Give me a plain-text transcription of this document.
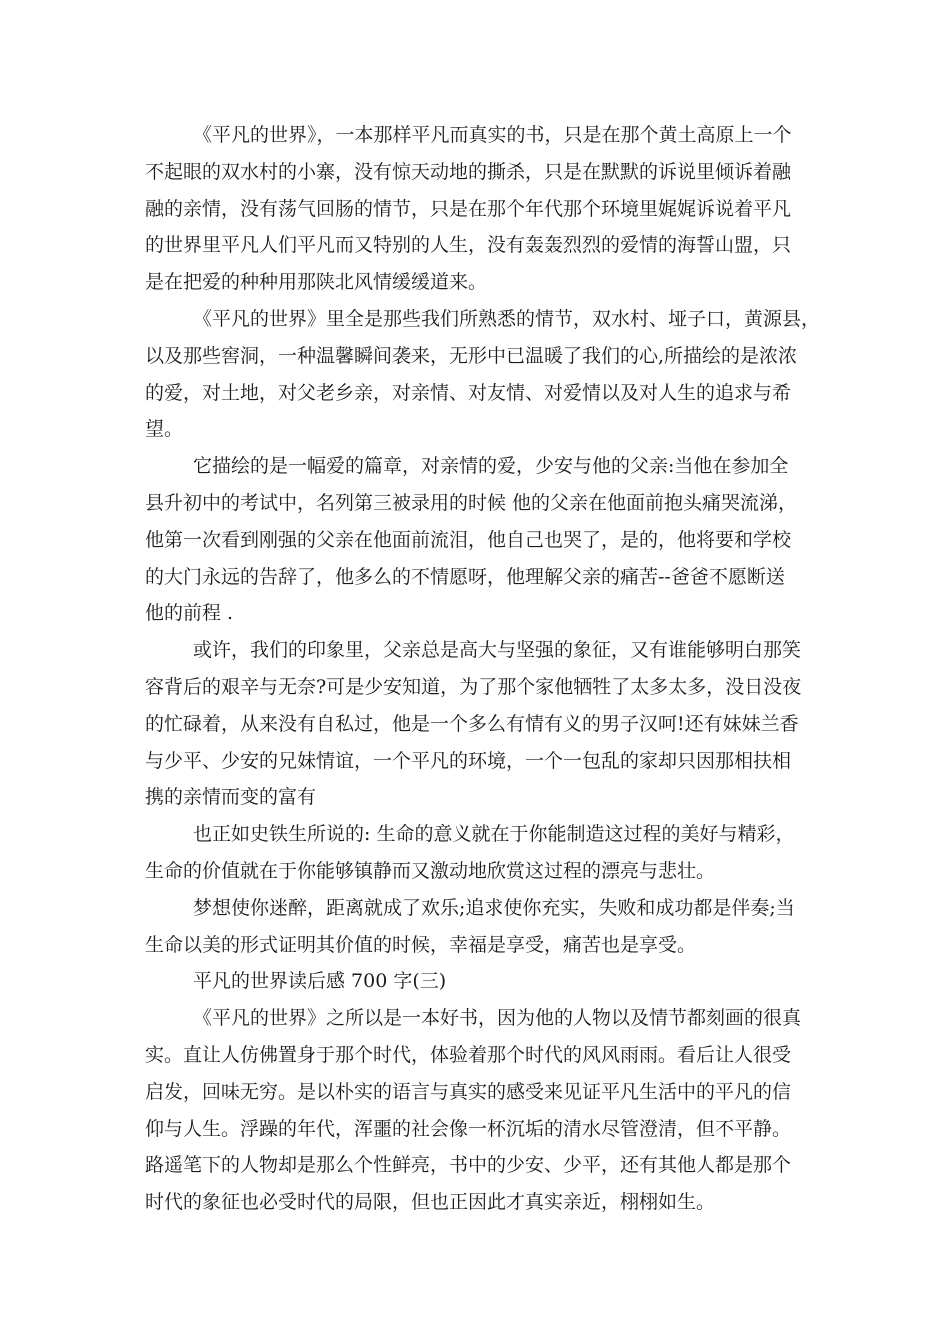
《平凡的世界》，一本那样平凡而真实的书，只是在那个黄土高原上一个
不起眼的双水村的小寨，没有惊天动地的撕杀，只是在默默的诉说里倾诉着融
融的亲情，没有荡气回肠的情节，只是在那个年代那个环境里娓娓诉说着平凡
的世界里平凡人们平凡而又特别的人生，没有轰轰烈烈的爱情的海誓山盟，只
是在把爱的种种用那陕北风情缓缓道来。
《平凡的世界》里全是那些我们所熟悉的情节，双水村、垭子口，黄源县，
以及那些窖洞，一种温馨瞬间袭来，无形中已温暖了我们的心,所描绘的是浓浓
的爱，对土地，对父老乡亲，对亲情、对友情、对爱情以及对人生的追求与希
望。
它描绘的是一幅爱的篇章，对亲情的爱，少安与他的父亲:当他在参加全
县升初中的考试中，名列第三被录用的时候 他的父亲在他面前抱头痛哭流涕，
他第一次看到刚强的父亲在他面前流泪，他自己也哭了，是的，他将要和学校
的大门永远的告辞了，他多么的不情愿呀，他理解父亲的痛苦--爸爸不愿断送
他的前程 .
或许，我们的印象里，父亲总是高大与坚强的象征，又有谁能够明白那笑
容背后的艰辛与无奈?可是少安知道，为了那个家他牺牲了太多太多，没日没夜
的忙碌着，从来没有自私过，他是一个多么有情有义的男子汉呵!还有妹妹兰香
与少平、少安的兄妹情谊，一个平凡的环境，一个一包乱的家却只因那相扶相
携的亲情而变的富有
也正如史铁生所说的: 生命的意义就在于你能制造这过程的美好与精彩，
生命的价值就在于你能够镇静而又激动地欣赏这过程的漂亮与悲壮。
梦想使你迷醉，距离就成了欢乐;追求使你充实，失败和成功都是伴奏;当
生命以美的形式证明其价值的时候，幸福是享受，痛苦也是享受。
平凡的世界读后感 700 字(三)
《平凡的世界》之所以是一本好书，因为他的人物以及情节都刻画的很真
实。直让人仿佛置身于那个时代，体验着那个时代的风风雨雨。看后让人很受
启发，回味无穷。是以朴实的语言与真实的感受来见证平凡生活中的平凡的信
仰与人生。浮躁的年代，浑噩的社会像一杯沉垢的清水尽管澄清，但不平静。
路遥笔下的人物却是那么个性鲜亮，书中的少安、少平，还有其他人都是那个
时代的象征也必受时代的局限，但也正因此才真实亲近，栩栩如生。
